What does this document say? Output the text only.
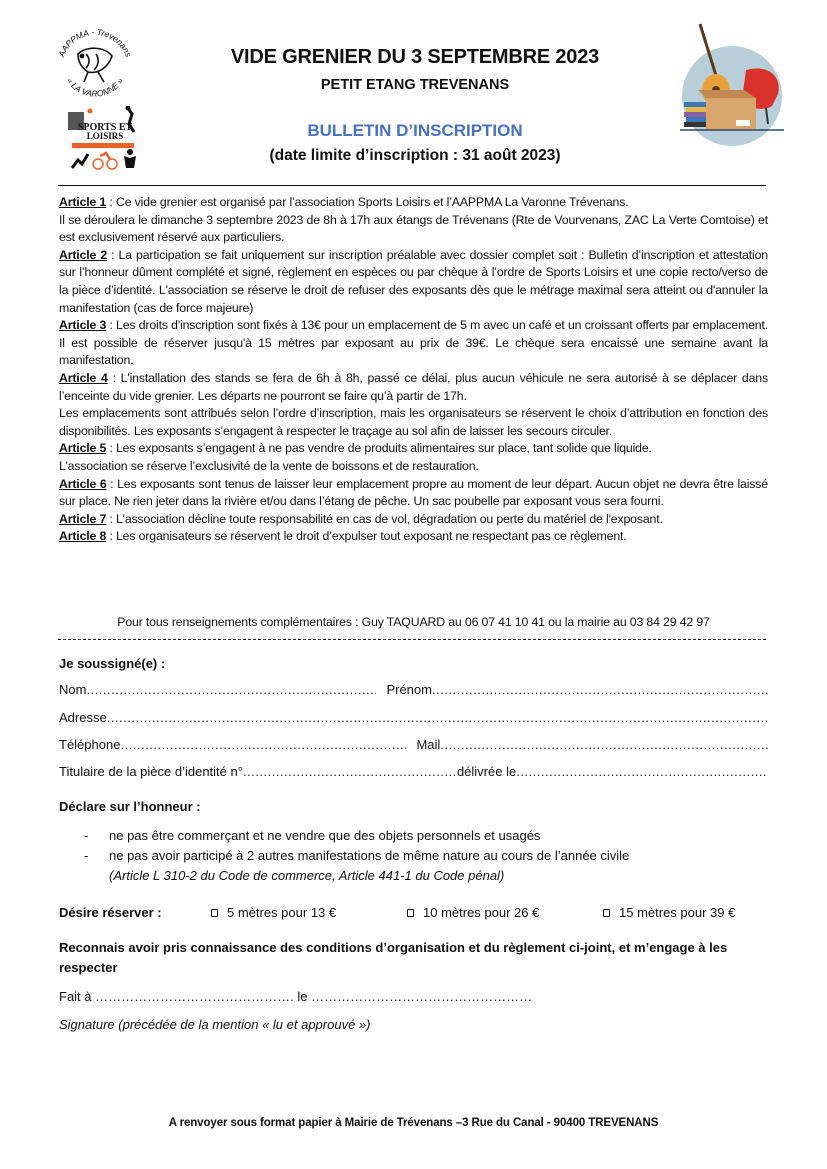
AAPPMA - Trevenans
« LA VARONNE »
SPORTS ET
LOISIRS
VIDE GRENIER DU 3 SEPTEMBRE 2023
PETIT ETANG TREVENANS
BULLETIN D’INSCRIPTION
(date limite d’inscription : 31 août 2023)

Article 1 : Ce vide grenier est organisé par l’association Sports Loisirs et l’AAPPMA La Varonne Trévenans.

Il se déroulera le dimanche 3 septembre 2023 de 8h à 17h aux étangs de Trévenans (Rte de Vourvenans, ZAC La Verte Comtoise) et est exclusivement réservé aux particuliers.

Article 2 : La participation se fait uniquement sur inscription préalable avec dossier complet soit : Bulletin d’inscription et attestation sur l’honneur dûment complété et signé, règlement en espèces ou par chèque à l’ordre de Sports Loisirs et une copie recto/verso de la pièce d’identité. L'association se réserve le droit de refuser des exposants dès que le métrage maximal sera atteint ou d'annuler la manifestation (cas de force majeure)

Article 3 : Les droits d'inscription sont fixés à 13€ pour un emplacement de 5 m avec un café et un croissant offerts par emplacement. Il est possible de réserver jusqu'à 15 mètres par exposant au prix de 39€. Le chèque sera encaissé une semaine avant la manifestation.

Article 4 : L'installation des stands se fera de 6h à 8h, passé ce délai, plus aucun véhicule ne sera autorisé à se déplacer dans l’enceinte du vide grenier. Les départs ne pourront se faire qu’à partir de 17h.

Les emplacements sont attribués selon l’ordre d’inscription, mais les organisateurs se réservent le choix d’attribution en fonction des disponibilités. Les exposants s’engagent à respecter le traçage au sol afin de laisser les secours circuler.

Article 5 : Les exposants s’engagent à ne pas vendre de produits alimentaires sur place, tant solide que liquide.

L’association se réserve l’exclusivité de la vente de boissons et de restauration.

Article 6 : Les exposants sont tenus de laisser leur emplacement propre au moment de leur départ. Aucun objet ne devra être laissé sur place. Ne rien jeter dans la rivière et/ou dans l’étang de pêche. Un sac poubelle par exposant vous sera fourni.

Article 7 : L'association décline toute responsabilité en cas de vol, dégradation ou perte du matériel de l'exposant.

Article 8 : Les organisateurs se réservent le droit d’expulser tout exposant ne respectant pas ce règlement.

Pour tous renseignements complémentaires : Guy TAQUARD au 06 07 41 10 41 ou la mairie au 03 84 29 42 97
Je soussigné(e) :
Nom .....	Prénom
.....
Adresse
.....
Téléphone .....	Mail
.....
Titulaire de la pièce d’identité n° .....	délivrée le
.....
Déclare sur l’honneur :
-	ne pas être commerçant et ne vendre que des objets personnels et usagés
-	ne pas avoir participé à 2 autres manifestations de même nature au cours de l’année civile
(Article L 310-2 du Code de commerce, Article 441-1 du Code pénal)
Désire réserver :	5 mètres pour 13 €	10 mètres pour 26 €	15 mètres pour 39 €
Reconnais avoir pris connaissance des conditions d’organisation et du règlement ci-joint, et m’engage à les respecter
Fait à ………………………………………. le ……………………………………………
Signature (précédée de la mention « lu et approuvé »)
A renvoyer sous format papier à Mairie de Trévenans –3 Rue du Canal - 90400 TREVENANS
